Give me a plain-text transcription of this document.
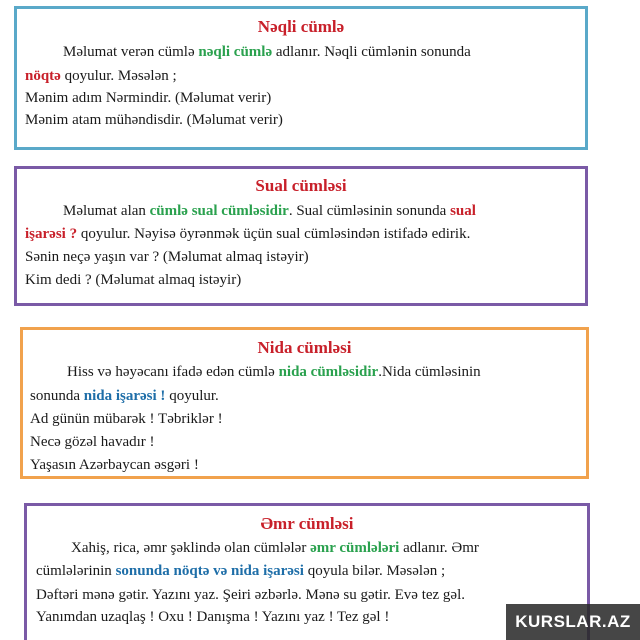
Nəqli cümlə
Məlumat verən cümlə nəqli cümlə adlanır. Nəqli cümlənin sonunda
nöqtə qoyulur. Məsələn ;
Mənim adım Nərmindir. (Məlumat verir)
Mənim atam mühəndisdir. (Məlumat verir)
Sual cümləsi
Məlumat alan cümlə sual cümləsidir. Sual cümləsinin sonunda sual
işarəsi ? qoyulur. Nəyisə öyrənmək üçün sual cümləsindən istifadə edirik.
Sənin neçə yaşın var ? (Məlumat almaq istəyir)
Kim dedi ? (Məlumat almaq istəyir)
Nida cümləsi
Hiss və həyəcanı ifadə edən cümlə nida cümləsidir.Nida cümləsinin
sonunda nida işarəsi ! qoyulur.
Ad günün mübarək ! Təbriklər !
Necə gözəl havadır !
Yaşasın Azərbaycan əsgəri !
Əmr cümləsi
Xahiş, rica, əmr şəklində olan cümlələr əmr cümlələri adlanır. Əmr
cümlələrinin sonunda nöqtə və nida işarəsi qoyula bilər. Məsələn ;
Dəftəri mənə gətir. Yazını yaz. Şeiri əzbərlə. Mənə su gətir. Evə tez gəl.
Yanımdan uzaqlaş ! Oxu ! Danışma ! Yazını yaz ! Tez gəl !	KURSLAR.AZ
